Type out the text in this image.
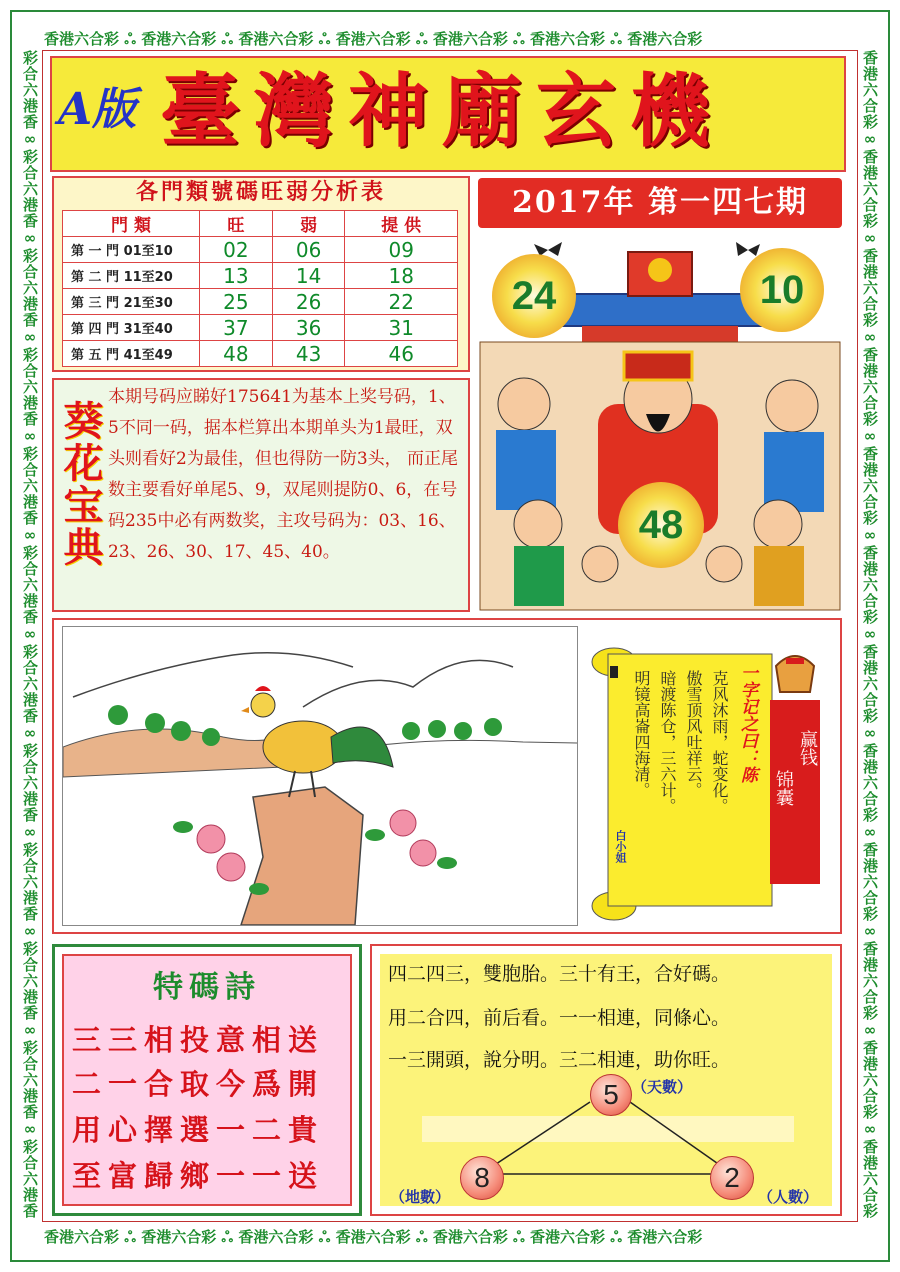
香港六合彩 ஃ 香港六合彩 ஃ 香港六合彩 ஃ 香港六合彩 ஃ 香港六合彩 ஃ 香港六合彩 ஃ 香港六合彩
香港六合彩 ஃ 香港六合彩 ஃ 香港六合彩 ஃ 香港六合彩 ஃ 香港六合彩 ஃ 香港六合彩 ஃ 香港六合彩
彩合六港香∞彩合六港香∞彩合六港香∞彩合六港香∞彩合六港香∞彩合六港香∞彩合六港香∞彩合六港香∞彩合六港香∞彩合六港香∞彩合六港香∞彩合六港香	香港六合彩∞香港六合彩∞香港六合彩∞香港六合彩∞香港六合彩∞香港六合彩∞香港六合彩∞香港六合彩∞香港六合彩∞香港六合彩∞香港六合彩∞香港六合彩
A版 臺灣神廟玄機
各門類號碼旺弱分析表
門 類	旺	弱	提 供
第 一 門 01至10	02	06	09
第 二 門 11至20	13	14	18
第 三 門 21至30	25	26	22
第 四 門 31至40	37	36	31
第 五 門 41至49	48	43	46
2017年 第一四七期
24	10
48
葵花宝典
本期号码应睇好175641为基本上奖号码，1、5不同一码，据本栏算出本期单头为1最旺，双头则看好2为最佳，但也得防一防3头， 而正尾数主要看好单尾5、9，双尾则提防0、6，在号码235中必有两数奖，主攻号码为：03、16、23、26、30、17、45、40。
一字记之曰：陈
克风沐雨，蛇变化。
傲雪顶风吐祥云。
暗渡陈仓，三六计。
明镜高崙四海清。
白小姐
赢钱
锦囊
特碼詩
三三相投意相送
二一合取今爲開
用心擇選一二貴
至富歸鄉一一送
四二四三，雙胞胎。三十有王，合好碼。
用二合四，前后看。一一相連，同條心。
一三開頭，說分明。三二相連，助你旺。
5 （天數）
8
（地數）
2
（人數）
